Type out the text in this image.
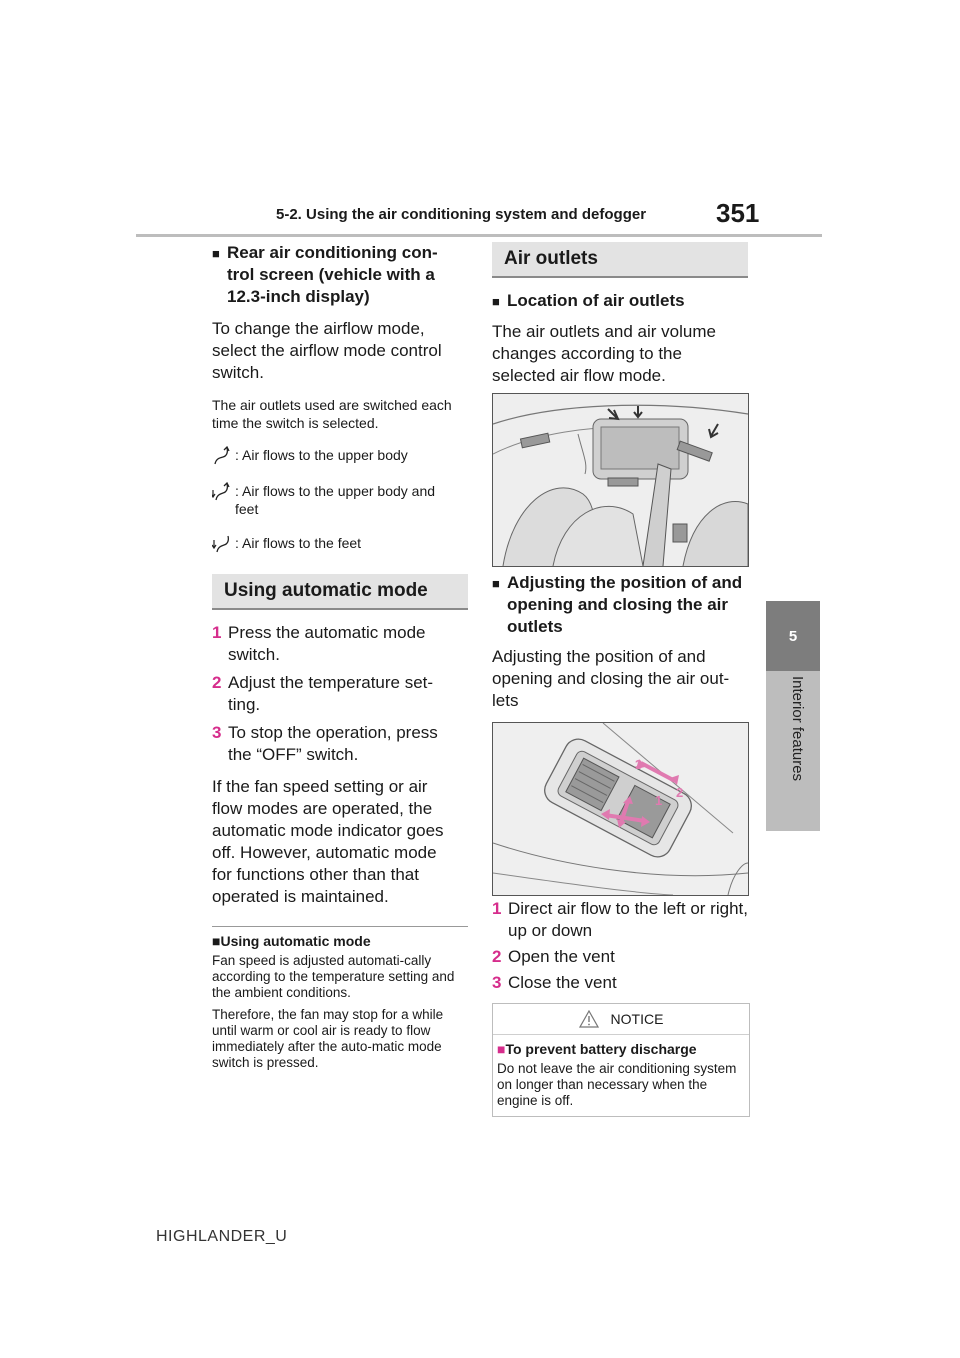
5-2. Using the air conditioning system and defogger	351
5
Interior features
■ Rear air conditioning con-trol screen (vehicle with a 12.3-inch display)
To change the airflow mode, select the airflow mode control switch.
The air outlets used are switched each time the switch is selected.
: Air flows to the upper body
: Air flows to the upper body and feet
: Air flows to the feet
Using automatic mode
1 Press the automatic mode switch.
2 Adjust the temperature set-ting.
3 To stop the operation, press the “OFF” switch.
If the fan speed setting or air flow modes are operated, the automatic mode indicator goes off. However, automatic mode for functions other than that operated is maintained.
■Using automatic mode
Fan speed is adjusted automati-cally according to the temperature setting and the ambient conditions.
Therefore, the fan may stop for a while until warm or cool air is ready to flow immediately after the auto-matic mode switch is pressed.
Air outlets
■ Location of air outlets
The air outlets and air volume changes according to the selected air flow mode.
■ Adjusting the position of and opening and closing the air outlets
Adjusting the position of and opening and closing the air out-lets
3
2
1
1 Direct air flow to the left or right, up or down
2 Open the vent
3 Close the vent
NOTICE
■To prevent battery discharge
Do not leave the air conditioning system on longer than necessary when the engine is off.
HIGHLANDER_U
